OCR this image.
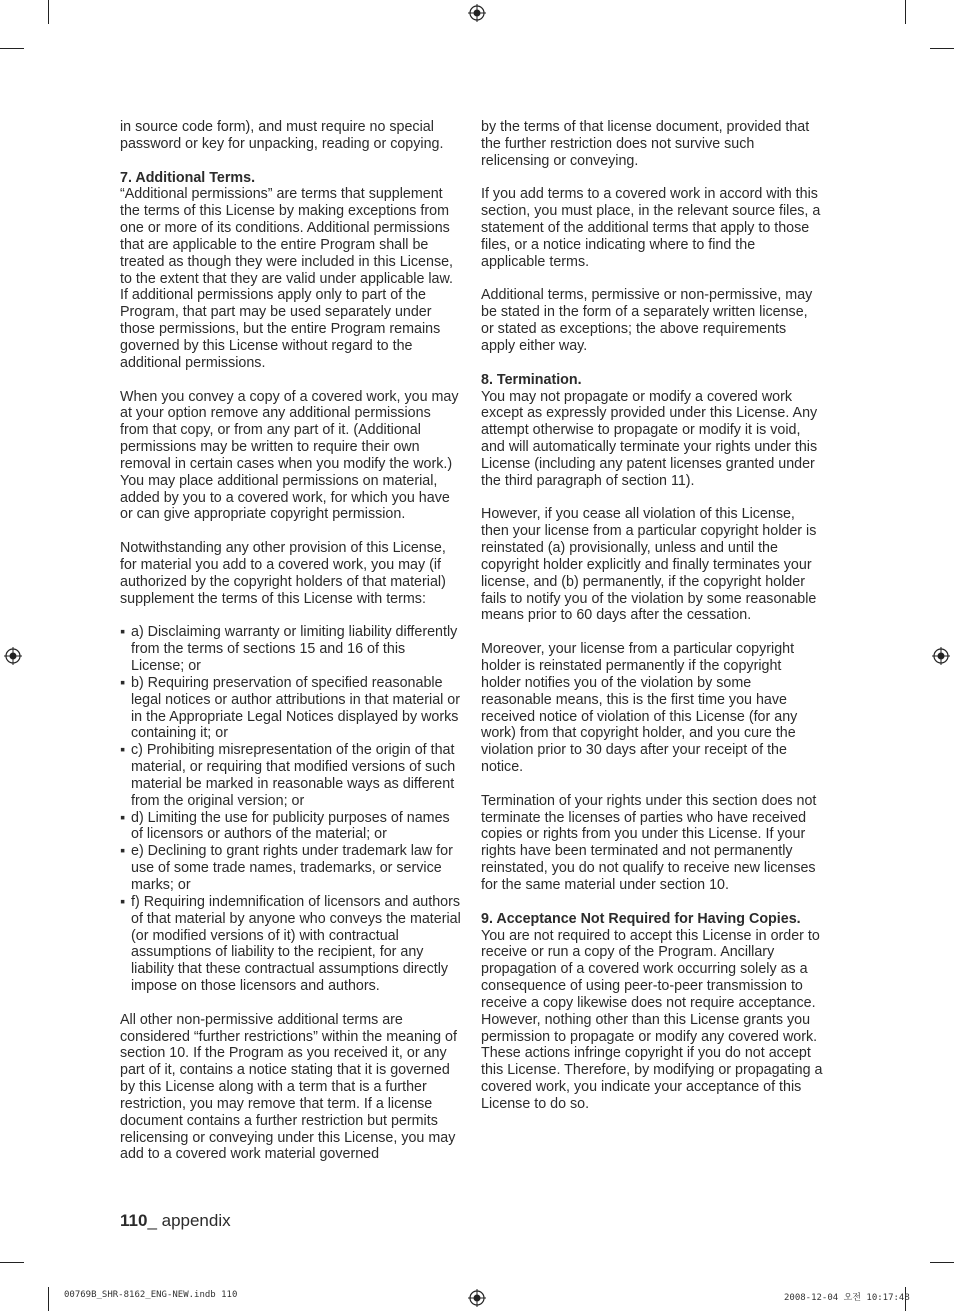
in source code form), and must require no special password or key for unpacking, reading or copying.

7. Additional Terms.

“Additional permissions” are terms that supplement the terms of this License by making exceptions from one or more of its conditions. Additional permissions that are applicable to the entire Program shall be treated as though they were included in this License, to the extent that they are valid under applicable law. If additional permissions apply only to part of the Program, that part may be used separately under those permissions, but the entire Program remains governed by this License without regard to the additional permissions.

When you convey a copy of a covered work, you may at your option remove any additional permissions from that copy, or from any part of it. (Additional permissions may be written to require their own removal in certain cases when you modify the work.) You may place additional permissions on material, added by you to a covered work, for which you have or can give appropriate copyright permission.

Notwithstanding any other provision of this License, for material you add to a covered work, you may (if authorized by the copyright holders of that material) supplement the terms of this License with terms:

▪ a) Disclaiming warranty or limiting liability differently from the terms of sections 15 and 16 of this License; or
▪ b) Requiring preservation of specified reasonable legal notices or author attributions in that material or in the Appropriate Legal Notices displayed by works containing it; or
▪ c) Prohibiting misrepresentation of the origin of that material, or requiring that modified versions of such material be marked in reasonable ways as different from the original version; or
▪ d) Limiting the use for publicity purposes of names of licensors or authors of the material; or
▪ e) Declining to grant rights under trademark law for use of some trade names, trademarks, or service marks; or
▪ f) Requiring indemnification of licensors and authors of that material by anyone who conveys the material (or modified versions of it) with contractual assumptions of liability to the recipient, for any liability that these contractual assumptions directly impose on those licensors and authors.

All other non-permissive additional terms are considered “further restrictions” within the meaning of section 10. If the Program as you received it, or any part of it, contains a notice stating that it is governed by this License along with a term that is a further restriction, you may remove that term. If a license document contains a further restriction but permits relicensing or conveying under this License, you may add to a covered work material governed

by the terms of that license document, provided that the further restriction does not survive such relicensing or conveying.

If you add terms to a covered work in accord with this section, you must place, in the relevant source files, a statement of the additional terms that apply to those files, or a notice indicating where to find the applicable terms.

Additional terms, permissive or non-permissive, may be stated in the form of a separately written license, or stated as exceptions; the above requirements apply either way.

8. Termination.

You may not propagate or modify a covered work except as expressly provided under this License. Any attempt otherwise to propagate or modify it is void, and will automatically terminate your rights under this License (including any patent licenses granted under the third paragraph of section 11).

However, if you cease all violation of this License, then your license from a particular copyright holder is reinstated (a) provisionally, unless and until the copyright holder explicitly and finally terminates your license, and (b) permanently, if the copyright holder fails to notify you of the violation by some reasonable means prior to 60 days after the cessation.

Moreover, your license from a particular copyright holder is reinstated permanently if the copyright holder notifies you of the violation by some reasonable means, this is the first time you have received notice of violation of this License (for any work) from that copyright holder, and you cure the violation prior to 30 days after your receipt of the notice.

Termination of your rights under this section does not terminate the licenses of parties who have received copies or rights from you under this License. If your rights have been terminated and not permanently reinstated, you do not qualify to receive new licenses for the same material under section 10.

9. Acceptance Not Required for Having Copies.

You are not required to accept this License in order to receive or run a copy of the Program. Ancillary propagation of a covered work occurring solely as a consequence of using peer-to-peer transmission to receive a copy likewise does not require acceptance. However, nothing other than this License grants you permission to propagate or modify any covered work. These actions infringe copyright if you do not accept this License. Therefore, by modifying or propagating a covered work, you indicate your acceptance of this License to do so.

110_ appendix
00769B_SHR-8162_ENG-NEW.indb 110	2008-12-04 오전 10:17:48
